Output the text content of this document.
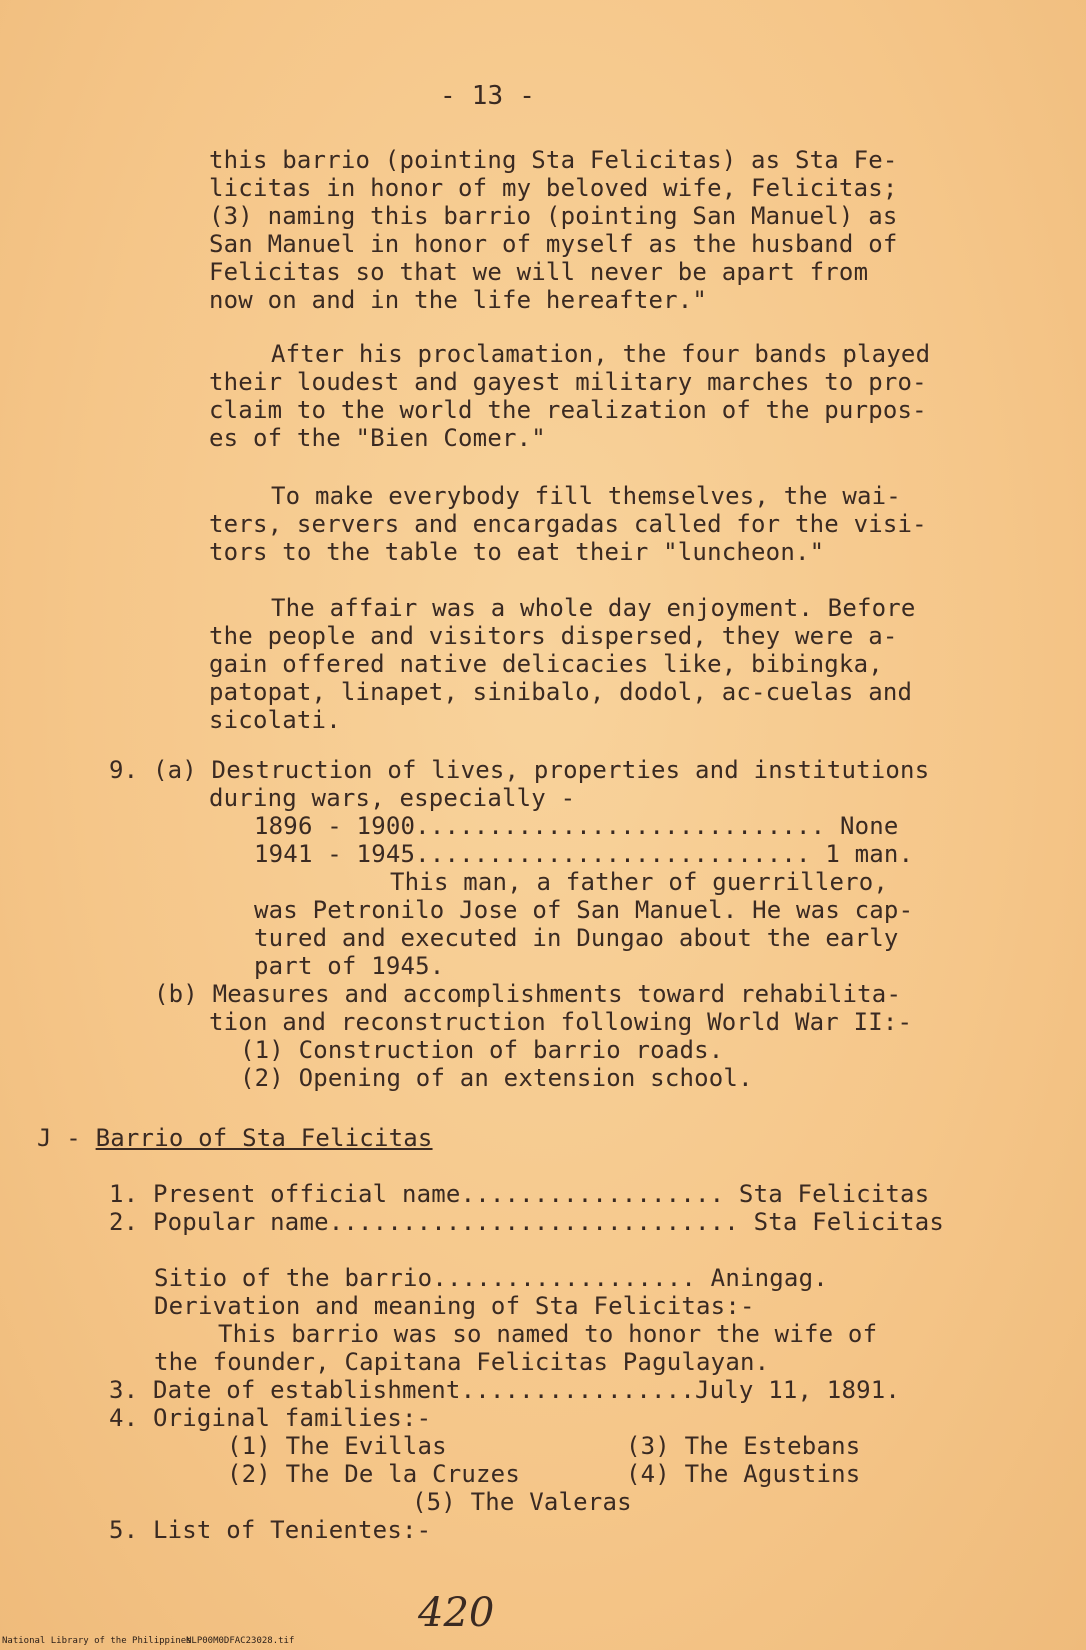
- 13 -
this barrio (pointing Sta Felicitas) as Sta Fe-
licitas in honor of my beloved wife, Felicitas;
(3) naming this barrio (pointing San Manuel) as
San Manuel in honor of myself as the husband of
Felicitas so that we will never be apart from
now on and in the life hereafter."
After his proclamation, the four bands played
their loudest and gayest military marches to pro-
claim to the world the realization of the purpos-
es of the "Bien Comer."
To make everybody fill themselves, the wai-
ters, servers and encargadas called for the visi-
tors to the table to eat their "luncheon."
The affair was a whole day enjoyment. Before
the people and visitors dispersed, they were a-
gain offered native delicacies like, bibingka,
patopat, linapet, sinibalo, dodol, ac-cuelas and
sicolati.
9. (a) Destruction of lives, properties and institutions
during wars, especially -
1896 - 1900............................ None
1941 - 1945........................... 1 man.
This man, a father of guerrillero,
was Petronilo Jose of San Manuel. He was cap-
tured and executed in Dungao about the early
part of 1945.
(b) Measures and accomplishments toward rehabilita-
tion and reconstruction following World War II:-
(1) Construction of barrio roads.
(2) Opening of an extension school.
J - Barrio of Sta Felicitas
1. Present official name.................. Sta Felicitas
2. Popular name............................ Sta Felicitas
Sitio of the barrio.................. Aningag.
Derivation and meaning of Sta Felicitas:-
This barrio was so named to honor the wife of
the founder, Capitana Felicitas Pagulayan.
3. Date of establishment................July 11, 1891.
4. Original families:-
(1) The Evillas	(3) The Estebans
(2) The De la Cruzes	(4) The Agustins
(5) The Valeras
5. List of Tenientes:-
420
National Library of the Philippines
NLP00M0DFAC23028.tif
